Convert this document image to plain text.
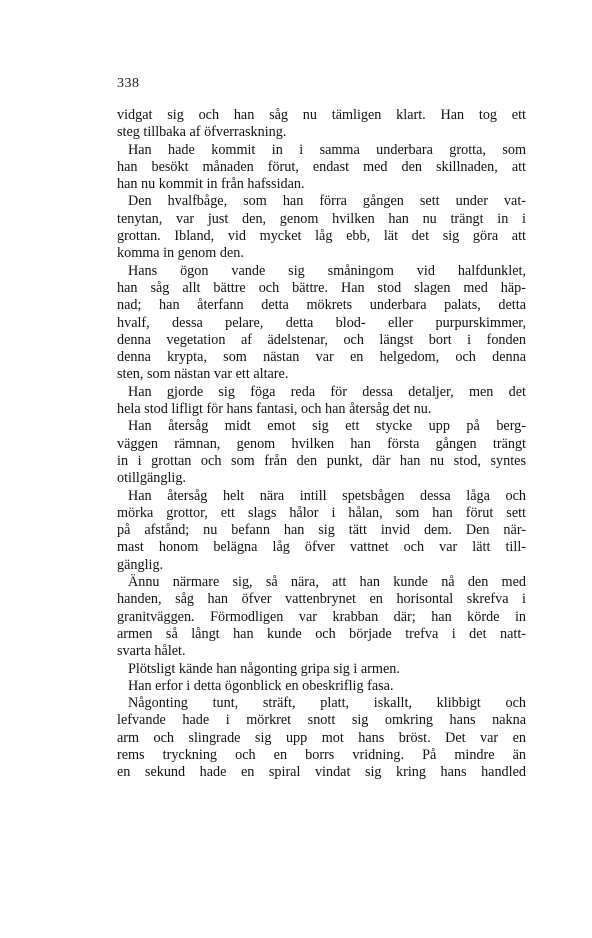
338
vidgat sig och han såg nu tämligen klart. Han tog ett
steg tillbaka af öfverraskning.
Han hade kommit in i samma underbara grotta, som
han besökt månaden förut, endast med den skillnaden, att
han nu kommit in från hafssidan.
Den hvalfbåge, som han förra gången sett under vat-
tenytan, var just den, genom hvilken han nu trängt in i
grottan. Ibland, vid mycket låg ebb, lät det sig göra att
komma in genom den.
Hans ögon vande sig småningom vid halfdunklet,
han såg allt bättre och bättre. Han stod slagen med häp-
nad; han återfann detta mökrets underbara palats, detta
hvalf, dessa pelare, detta blod- eller purpurskimmer,
denna vegetation af ädelstenar, och längst bort i fonden
denna krypta, som nästan var en helgedom, och denna
sten, som nästan var ett altare.
Han gjorde sig föga reda för dessa detaljer, men det
hela stod lifligt för hans fantasi, och han återsåg det nu.
Han återsåg midt emot sig ett stycke upp på berg-
väggen rämnan, genom hvilken han första gången trängt
in i grottan och som från den punkt, där han nu stod, syntes
otillgänglig.
Han återsåg helt nära intill spetsbågen dessa låga och
mörka grottor, ett slags hålor i hålan, som han förut sett
på afstånd; nu befann han sig tätt invid dem. Den när-
mast honom belägna låg öfver vattnet och var lätt till-
gänglig.
Ännu närmare sig, så nära, att han kunde nå den med
handen, såg han öfver vattenbrynet en horisontal skrefva i
granitväggen. Förmodligen var krabban där; han körde in
armen så långt han kunde och började trefva i det natt-
svarta hålet.
Plötsligt kände han någonting gripa sig i armen.
Han erfor i detta ögonblick en obeskriflig fasa.
Någonting tunt, sträft, platt, iskallt, klibbigt och
lefvande hade i mörkret snott sig omkring hans nakna
arm och slingrade sig upp mot hans bröst. Det var en
rems tryckning och en borrs vridning. På mindre än
en sekund hade en spiral vindat sig kring hans handled
